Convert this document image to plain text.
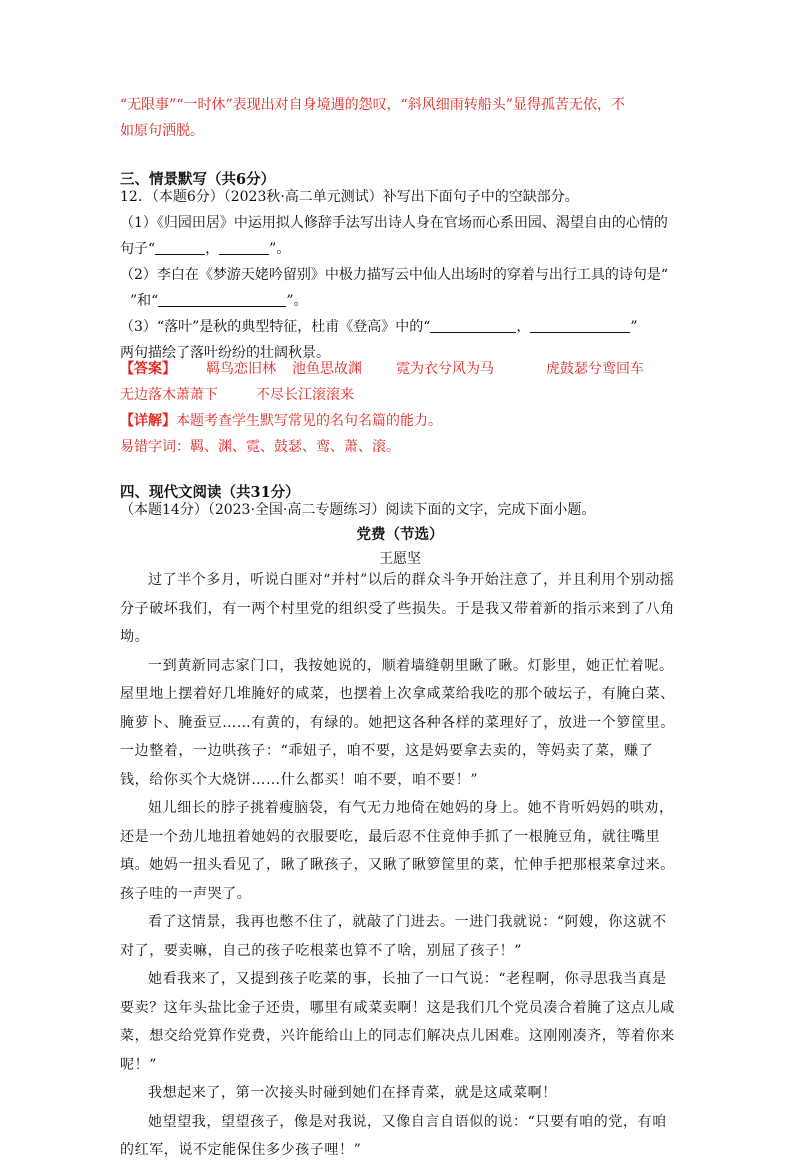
“无限事”“一时休”表现出对自身境遇的怨叹，“斜风细雨转船头”显得孤苦无依，不
如原句洒脱。
三、情景默写（共6分）
12．（本题6分）（2023秋·高二单元测试）补写出下面句子中的空缺部分。
（1）《归园田居》中运用拟人修辞手法写出诗人身在官场而心系田园、渴望自由的心情的
句子“	，	”。
（2）李白在《梦游天姥吟留别》中极力描写云中仙人出场时的穿着与出行工具的诗句是“
”和“	”。
（3）“落叶”是秋的典型特征，杜甫《登高》中的“	，	”
两句描绘了落叶纷纷的壮阔秋景。
【答案】 羁鸟恋旧林 池鱼思故渊 霓为衣兮风为马	虎鼓瑟兮鸾回车
无边落木萧萧下	不尽长江滚滚来
【详解】本题考查学生默写常见的名句名篇的能力。
易错字词：羁、渊、霓、鼓瑟、鸾、萧、滚。
四、现代文阅读（共31分）
（本题14分）（2023·全国·高二专题练习）阅读下面的文字，完成下面小题。
党费（节选）
王愿坚

过了半个多月，听说白匪对“并村”以后的群众斗争开始注意了，并且利用个别动摇分子破坏我们，有一两个村里党的组织受了些损失。于是我又带着新的指示来到了八角坳。

一到黄新同志家门口，我按她说的，顺着墙缝朝里瞅了瞅。灯影里，她正忙着呢。屋里地上摆着好几堆腌好的咸菜，也摆着上次拿咸菜给我吃的那个破坛子，有腌白菜、腌萝卜、腌蚕豆……有黄的，有绿的。她把这各种各样的菜理好了，放进一个箩筐里。一边整着，一边哄孩子：“乖妞子，咱不要，这是妈要拿去卖的，等妈卖了菜，赚了钱，给你买个大烧饼……什么都买！咱不要，咱不要！”

妞儿细长的脖子挑着瘦脑袋，有气无力地倚在她妈的身上。她不肯听妈妈的哄劝，还是一个劲儿地扭着她妈的衣服要吃，最后忍不住竟伸手抓了一根腌豆角，就往嘴里填。她妈一扭头看见了，瞅了瞅孩子，又瞅了瞅箩筐里的菜，忙伸手把那根菜拿过来。孩子哇的一声哭了。

看了这情景，我再也憋不住了，就敲了门进去。一进门我就说：“阿嫂，你这就不对了，要卖嘛，自己的孩子吃根菜也算不了啥，别屈了孩子！”

她看我来了，又提到孩子吃菜的事，长抽了一口气说：“老程啊，你寻思我当真是要卖？这年头盐比金子还贵，哪里有咸菜卖啊！这是我们几个党员凑合着腌了这点儿咸菜，想交给党算作党费，兴许能给山上的同志们解决点儿困难。这刚刚凑齐，等着你来呢！”

我想起来了，第一次接头时碰到她们在择青菜，就是这咸菜啊！

她望望我，望望孩子，像是对我说，又像自言自语似的说：“只要有咱的党，有咱的红军，说不定能保住多少孩子哩！”
